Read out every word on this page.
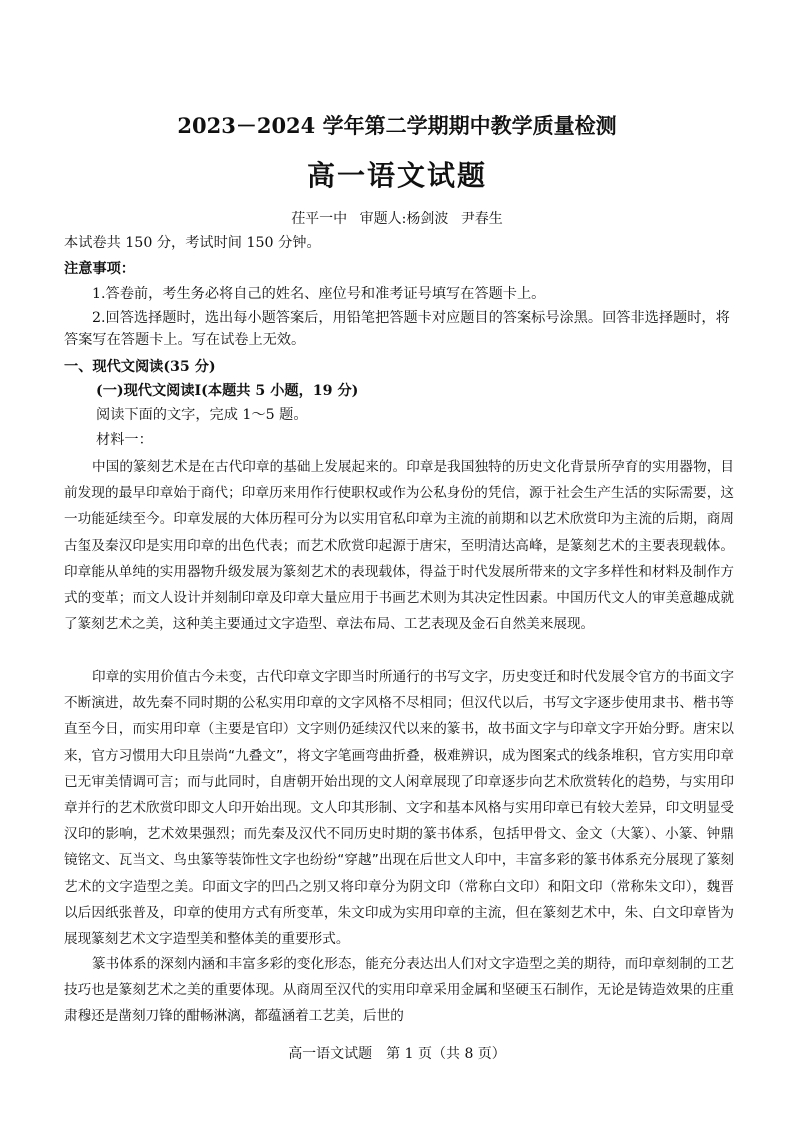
2023－2024 学年第二学期期中教学质量检测
高一语文试题
茌平一中 审题人:杨剑波 尹春生

本试卷共 150 分，考试时间 150 分钟。

注意事项：

1.答卷前，考生务必将自己的姓名、座位号和准考证号填写在答题卡上。

2.回答选择题时，选出每小题答案后，用铅笔把答题卡对应题目的答案标号涂黑。回答非选择题时，将答案写在答题卡上。写在试卷上无效。

一、现代文阅读(35 分)

(一)现代文阅读Ⅰ(本题共 5 小题，19 分)

阅读下面的文字，完成 1～5 题。

材料一：

中国的篆刻艺术是在古代印章的基础上发展起来的。印章是我国独特的历史文化背景所孕育的实用器物，目前发现的最早印章始于商代；印章历来用作行使职权或作为公私身份的凭信，源于社会生产生活的实际需要，这一功能延续至今。印章发展的大体历程可分为以实用官私印章为主流的前期和以艺术欣赏印为主流的后期，商周古玺及秦汉印是实用印章的出色代表；而艺术欣赏印起源于唐宋，至明清达高峰，是篆刻艺术的主要表现载体。印章能从单纯的实用器物升级发展为篆刻艺术的表现载体，得益于时代发展所带来的文字多样性和材料及制作方式的变革；而文人设计并刻制印章及印章大量应用于书画艺术则为其决定性因素。中国历代文人的审美意趣成就了篆刻艺术之美，这种美主要通过文字造型、章法布局、工艺表现及金石自然美来展现。

印章的实用价值古今未变，古代印章文字即当时所通行的书写文字，历史变迁和时代发展令官方的书面文字不断演进，故先秦不同时期的公私实用印章的文字风格不尽相同；但汉代以后，书写文字逐步使用隶书、楷书等直至今日，而实用印章（主要是官印）文字则仍延续汉代以来的篆书，故书面文字与印章文字开始分野。唐宋以来，官方习惯用大印且崇尚“九叠文”，将文字笔画弯曲折叠，极难辨识，成为图案式的线条堆积，官方实用印章已无审美情调可言；而与此同时，自唐朝开始出现的文人闲章展现了印章逐步向艺术欣赏转化的趋势，与实用印章并行的艺术欣赏印即文人印开始出现。文人印其形制、文字和基本风格与实用印章已有较大差异，印文明显受汉印的影响，艺术效果强烈；而先秦及汉代不同历史时期的篆书体系，包括甲骨文、金文（大篆）、小篆、钟鼎镜铭文、瓦当文、鸟虫篆等装饰性文字也纷纷“穿越”出现在后世文人印中，丰富多彩的篆书体系充分展现了篆刻艺术的文字造型之美。印面文字的凹凸之别又将印章分为阴文印（常称白文印）和阳文印（常称朱文印），魏晋以后因纸张普及，印章的使用方式有所变革，朱文印成为实用印章的主流，但在篆刻艺术中，朱、白文印章皆为展现篆刻艺术文字造型美和整体美的重要形式。

篆书体系的深刻内涵和丰富多彩的变化形态，能充分表达出人们对文字造型之美的期待，而印章刻制的工艺技巧也是篆刻艺术之美的重要体现。从商周至汉代的实用印章采用金属和坚硬玉石制作，无论是铸造效果的庄重肃穆还是凿刻刀锋的酣畅淋漓，都蕴涵着工艺美，后世的

高一语文试题　第 1 页（共 8 页）
